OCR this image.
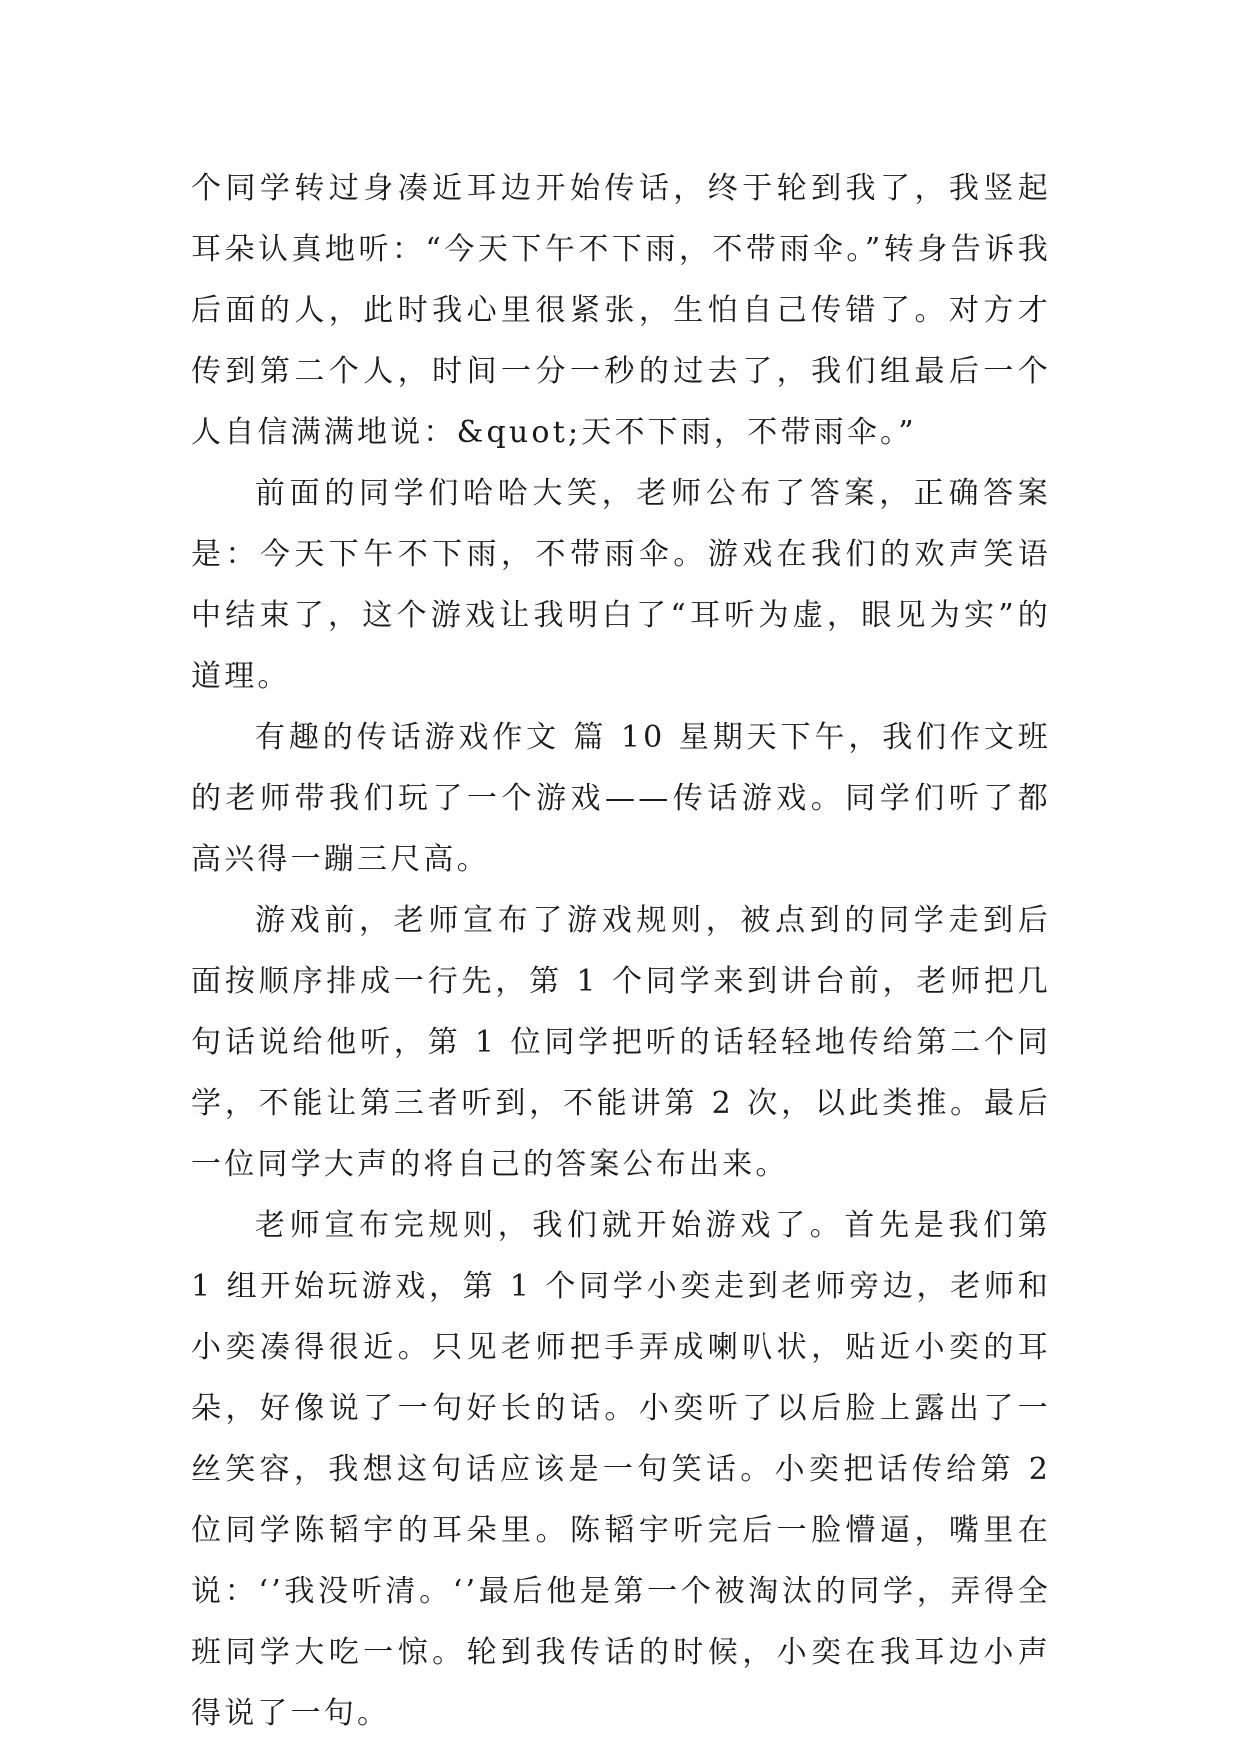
个同学转过身凑近耳边开始传话，终于轮到我了，我竖起耳朵认真地听：“今天下午不下雨，不带雨伞。”转身告诉我后面的人，此时我心里很紧张，生怕自己传错了。对方才传到第二个人，时间一分一秒的过去了，我们组最后一个人自信满满地说：&quot;天不下雨，不带雨伞。”

前面的同学们哈哈大笑，老师公布了答案，正确答案是：今天下午不下雨，不带雨伞。游戏在我们的欢声笑语中结束了，这个游戏让我明白了“耳听为虚，眼见为实”的道理。

有趣的传话游戏作文 篇 10 星期天下午，我们作文班的老师带我们玩了一个游戏——传话游戏。同学们听了都高兴得一蹦三尺高。

游戏前，老师宣布了游戏规则，被点到的同学走到后面按顺序排成一行先，第 1 个同学来到讲台前，老师把几句话说给他听，第 1 位同学把听的话轻轻地传给第二个同学，不能让第三者听到，不能讲第 2 次，以此类推。最后一位同学大声的将自己的答案公布出来。

老师宣布完规则，我们就开始游戏了。首先是我们第 1 组开始玩游戏，第 1 个同学小奕走到老师旁边，老师和小奕凑得很近。只见老师把手弄成喇叭状，贴近小奕的耳朵，好像说了一句好长的话。小奕听了以后脸上露出了一丝笑容，我想这句话应该是一句笑话。小奕把话传给第 2 位同学陈韬宇的耳朵里。陈韬宇听完后一脸懵逼，嘴里在说：‘’我没听清。‘’最后他是第一个被淘汰的同学，弄得全班同学大吃一惊。轮到我传话的时候，小奕在我耳边小声得说了一句。
